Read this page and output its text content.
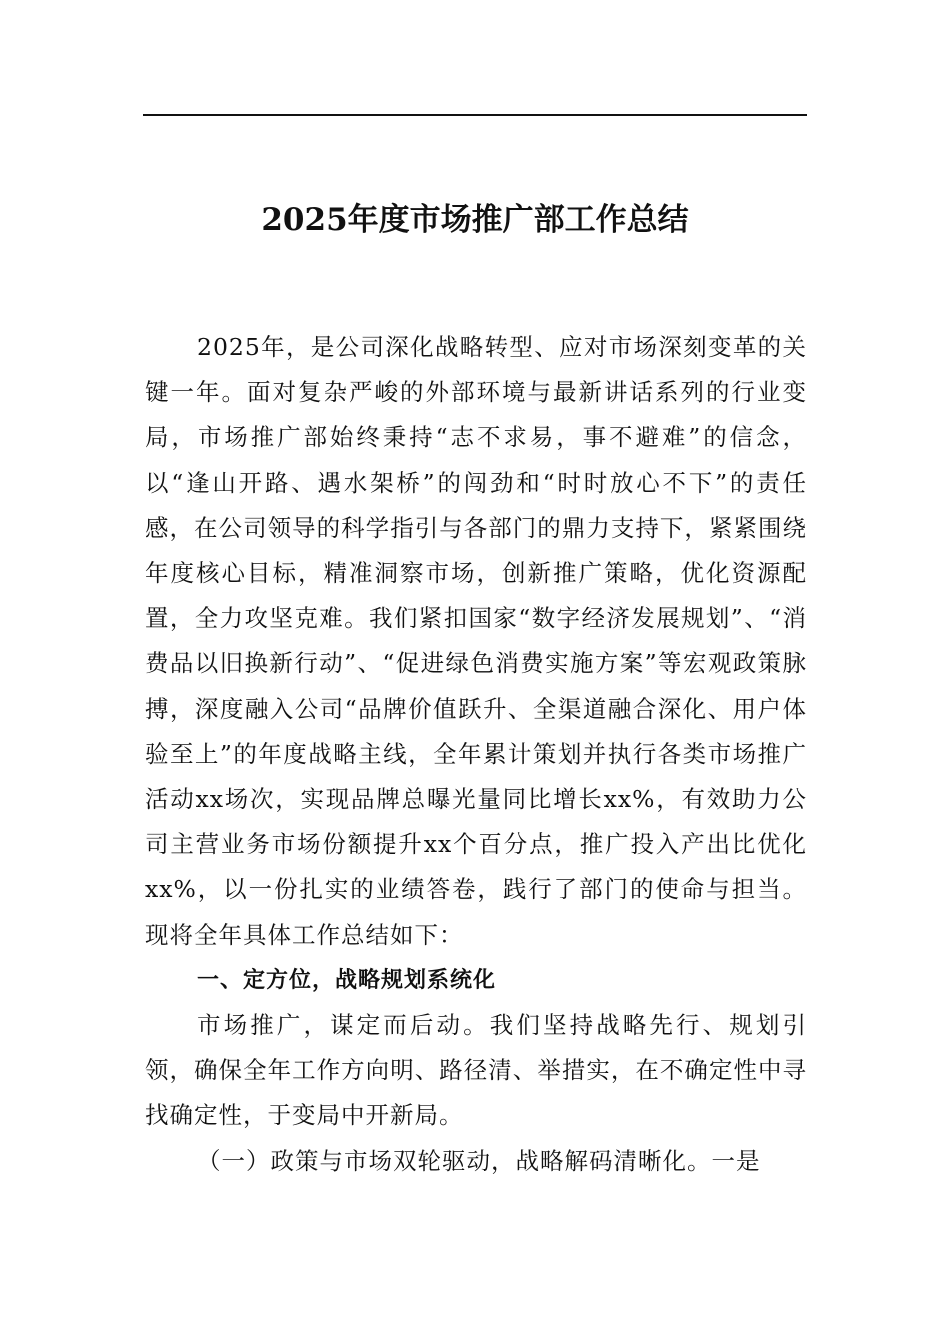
2025年度市场推广部工作总结

2025年，是公司深化战略转型、应对市场深刻变革的关键一年。面对复杂严峻的外部环境与最新讲话系列的行业变局，市场推广部始终秉持“志不求易，事不避难”的信念，以“逢山开路、遇水架桥”的闯劲和“时时放心不下”的责任感，在公司领导的科学指引与各部门的鼎力支持下，紧紧围绕年度核心目标，精准洞察市场，创新推广策略，优化资源配置，全力攻坚克难。我们紧扣国家“数字经济发展规划”、“消费品以旧换新行动”、“促进绿色消费实施方案”等宏观政策脉搏，深度融入公司“品牌价值跃升、全渠道融合深化、用户体验至上”的年度战略主线，全年累计策划并执行各类市场推广活动xx场次，实现品牌总曝光量同比增长xx%，有效助力公司主营业务市场份额提升xx个百分点，推广投入产出比优化xx%，以一份扎实的业绩答卷，践行了部门的使命与担当。现将全年具体工作总结如下：

一、定方位，战略规划系统化

市场推广，谋定而后动。我们坚持战略先行、规划引领，确保全年工作方向明、路径清、举措实，在不确定性中寻找确定性，于变局中开新局。

（一）政策与市场双轮驱动，战略解码清晰化。一是
